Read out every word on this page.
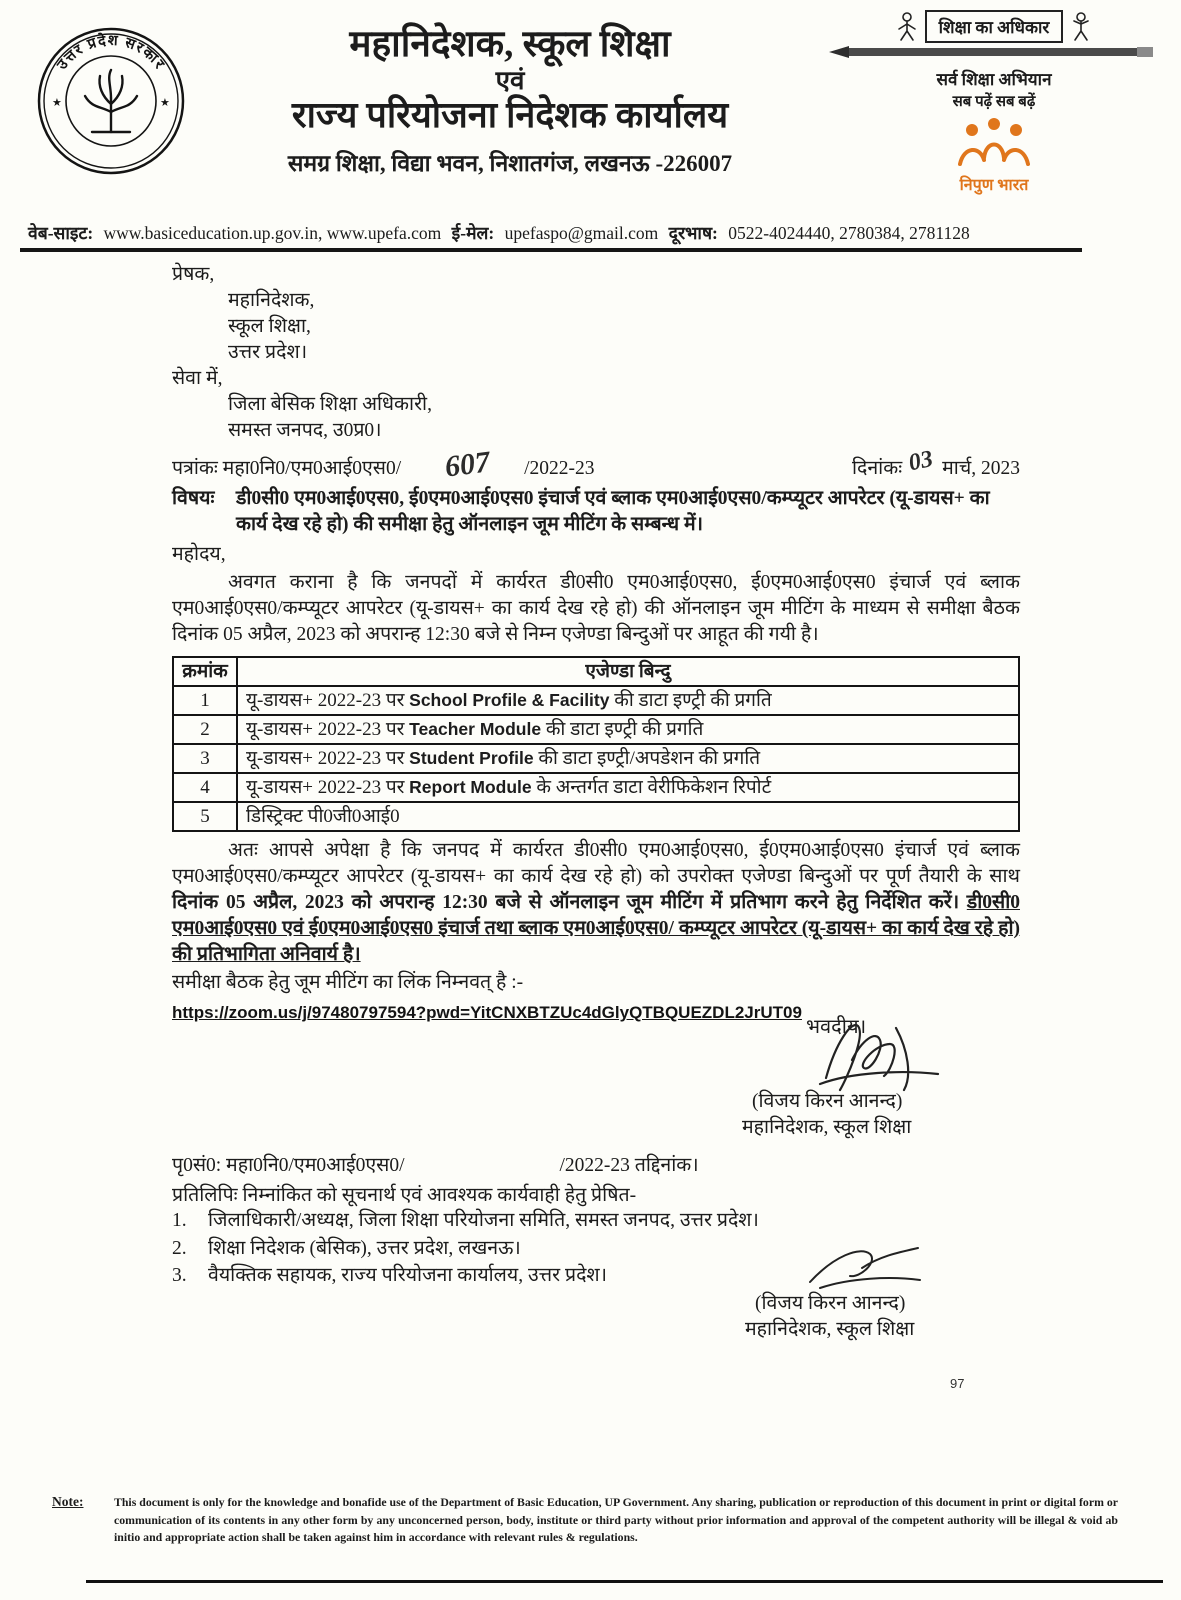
उत्तर प्रदेश सरकार
★	★
महानिदेशक, स्कूल शिक्षा
एवं
राज्य परियोजना निदेशक कार्यालय
समग्र शिक्षा, विद्या भवन, निशातगंज, लखनऊ -226007
शिक्षा का अधिकार
सर्व शिक्षा अभियान
सब पढ़ें सब बढ़ें
निपुण भारत
वेब-साइट: www.basiceducation.up.gov.in, www.upefa.com ई-मेल: upefaspo@gmail.com दूरभाष: 0522-4024440, 2780384, 2781128
प्रेषक,
महानिदेशक,
स्कूल शिक्षा,
उत्तर प्रदेश।
सेवा में,
जिला बेसिक शिक्षा अधिकारी,
समस्त जनपद, उ0प्र0।
पत्रांकः महा0नि0/एम0आई0एस0/ 607 /2022-23	दिनांकः 03 मार्च, 2023
विषयः	डी0सी0 एम0आई0एस0, ई0एम0आई0एस0 इंचार्ज एवं ब्लाक एम0आई0एस0/कम्प्यूटर आपरेटर (यू-डायस+ का कार्य देख रहे हो) की समीक्षा हेतु ऑनलाइन जूम मीटिंग के सम्बन्ध में।
महोदय,

अवगत कराना है कि जनपदों में कार्यरत डी0सी0 एम0आई0एस0, ई0एम0आई0एस0 इंचार्ज एवं ब्लाक एम0आई0एस0/कम्प्यूटर आपरेटर (यू-डायस+ का कार्य देख रहे हो) की ऑनलाइन जूम मीटिंग के माध्यम से समीक्षा बैठक दिनांक 05 अप्रैल, 2023 को अपरान्ह 12:30 बजे से निम्न एजेण्डा बिन्दुओं पर आहूत की गयी है।

क्रमांक	एजेण्डा बिन्दु
1	यू-डायस+ 2022-23 पर School Profile & Facility की डाटा इण्ट्री की प्रगति
2	यू-डायस+ 2022-23 पर Teacher Module की डाटा इण्ट्री की प्रगति
3	यू-डायस+ 2022-23 पर Student Profile की डाटा इण्ट्री/अपडेशन की प्रगति
4	यू-डायस+ 2022-23 पर Report Module के अन्तर्गत डाटा वेरीफिकेशन रिपोर्ट
5	डिस्ट्रिक्ट पी0जी0आई0

अतः आपसे अपेक्षा है कि जनपद में कार्यरत डी0सी0 एम0आई0एस0, ई0एम0आई0एस0 इंचार्ज एवं ब्लाक एम0आई0एस0/कम्प्यूटर आपरेटर (यू-डायस+ का कार्य देख रहे हो) को उपरोक्त एजेण्डा बिन्दुओं पर पूर्ण तैयारी के साथ दिनांक 05 अप्रैल, 2023 को अपरान्ह 12:30 बजे से ऑनलाइन जूम मीटिंग में प्रतिभाग करने हेतु निर्देशित करें। डी0सी0 एम0आई0एस0 एवं ई0एम0आई0एस0 इंचार्ज तथा ब्लाक एम0आई0एस0/ कम्प्यूटर आपरेटर (यू-डायस+ का कार्य देख रहे हो) की प्रतिभागिता अनिवार्य है।

समीक्षा बैठक हेतु जूम मीटिंग का लिंक निम्नवत् है :-
https://zoom.us/j/97480797594?pwd=YitCNXBTZUc4dGlyQTBQUEZDL2JrUT09
भवदीय।
(विजय किरन आनन्द)
महानिदेशक, स्कूल शिक्षा
पृ0सं0: महा0नि0/एम0आई0एस0/	/2022-23 तद्दिनांक।
प्रतिलिपिः निम्नांकित को सूचनार्थ एवं आवश्यक कार्यवाही हेतु प्रेषित-
1. जिलाधिकारी/अध्यक्ष, जिला शिक्षा परियोजना समिति, समस्त जनपद, उत्तर प्रदेश।
2. शिक्षा निदेशक (बेसिक), उत्तर प्रदेश, लखनऊ।
3. वैयक्तिक सहायक, राज्य परियोजना कार्यालय, उत्तर प्रदेश।
(विजय किरन आनन्द)
महानिदेशक, स्कूल शिक्षा
97
Note:	This document is only for the knowledge and bonafide use of the Department of Basic Education, UP Government. Any sharing, publication or reproduction of this document in print or digital form or communication of its contents in any other form by any unconcerned person, body, institute or third party without prior information and approval of the competent authority will be illegal & void ab initio and appropriate action shall be taken against him in accordance with relevant rules & regulations.
